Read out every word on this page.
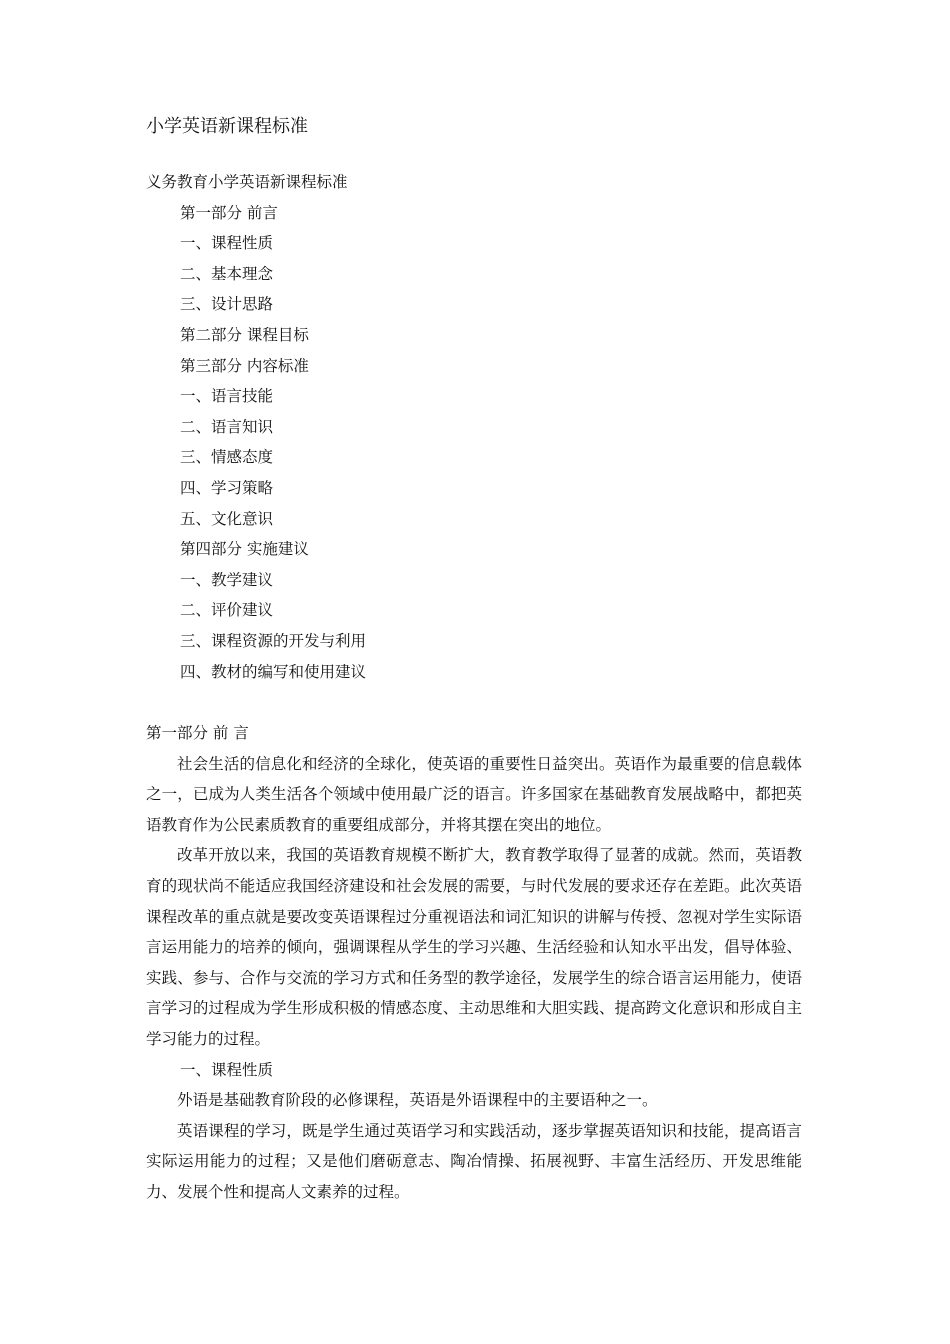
小学英语新课程标准
义务教育小学英语新课程标准
第一部分 前言
一、课程性质
二、基本理念
三、设计思路
第二部分 课程目标
第三部分 内容标准
一、语言技能
二、语言知识
三、情感态度
四、学习策略
五、文化意识
第四部分 实施建议
一、教学建议
二、评价建议
三、课程资源的开发与利用
四、教材的编写和使用建议
第一部分 前 言

社会生活的信息化和经济的全球化，使英语的重要性日益突出。英语作为最重要的信息载体之一，已成为人类生活各个领域中使用最广泛的语言。许多国家在基础教育发展战略中，都把英语教育作为公民素质教育的重要组成部分，并将其摆在突出的地位。

改革开放以来，我国的英语教育规模不断扩大，教育教学取得了显著的成就。然而，英语教育的现状尚不能适应我国经济建设和社会发展的需要，与时代发展的要求还存在差距。此次英语课程改革的重点就是要改变英语课程过分重视语法和词汇知识的讲解与传授、忽视对学生实际语言运用能力的培养的倾向，强调课程从学生的学习兴趣、生活经验和认知水平出发，倡导体验、实践、参与、合作与交流的学习方式和任务型的教学途径，发展学生的综合语言运用能力，使语言学习的过程成为学生形成积极的情感态度、主动思维和大胆实践、提高跨文化意识和形成自主学习能力的过程。

一、课程性质

外语是基础教育阶段的必修课程，英语是外语课程中的主要语种之一。

英语课程的学习，既是学生通过英语学习和实践活动，逐步掌握英语知识和技能，提高语言实际运用能力的过程；又是他们磨砺意志、陶冶情操、拓展视野、丰富生活经历、开发思维能力、发展个性和提高人文素养的过程。
